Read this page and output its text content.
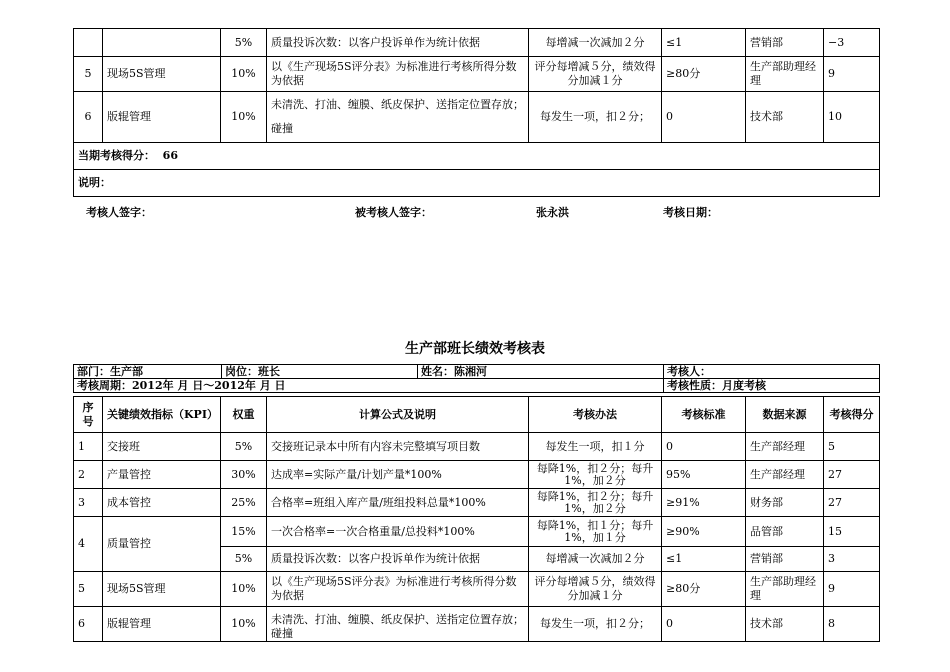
		5%	质量投诉次数：以客户投诉单作为统计依据	每增减一次减加２分	≤1	营销部	−3
5	现场5S管理	10%	以《生产现场5S评分表》为标准进行考核所得分数为依据	评分每增减５分，绩效得分加减１分	≥80分	生产部助理经理	9
6	版辊管理	10%	未清洗、打油、缠膜、纸皮保护、送指定位置存放；碰撞	每发生一项，扣２分；	0	技术部	10
当期考核得分： 66							
说明：							
考核人签字：	被考核人签字：	张永洪	考核日期：
生产部班长绩效考核表
部门：生产部	岗位：班长	姓名：陈湘河	考核人：
考核周期：2012年 月 日～2012年 月 日			考核性质：月度考核
序号	关键绩效指标（KPI）	权重	计算公式及说明	考核办法	考核标准	数据来源	考核得分
1	交接班	5%	交接班记录本中所有内容未完整填写项目数	每发生一项，扣１分	0	生产部经理	5
2	产量管控	30%	达成率=实际产量/计划产量*100%	每降1%，扣２分；每升1%，加２分	95%	生产部经理	27
3	成本管控	25%	合格率=班组入库产量/班组投料总量*100%	每降1%，扣２分；每升1%，加２分	≥91%	财务部	27
4	质量管控	15%	一次合格率=一次合格重量/总投料*100%	每降1%，扣１分；每升1%，加１分	≥90%	品管部	15
		5%	质量投诉次数：以客户投诉单作为统计依据	每增减一次减加２分	≤1	营销部	3
5	现场5S管理	10%	以《生产现场5S评分表》为标准进行考核所得分数为依据	评分每增减５分，绩效得分加减１分	≥80分	生产部助理经理	9
6	版辊管理	10%	未清洗、打油、缠膜、纸皮保护、送指定位置存放；碰撞	每发生一项，扣２分；	0	技术部	8
